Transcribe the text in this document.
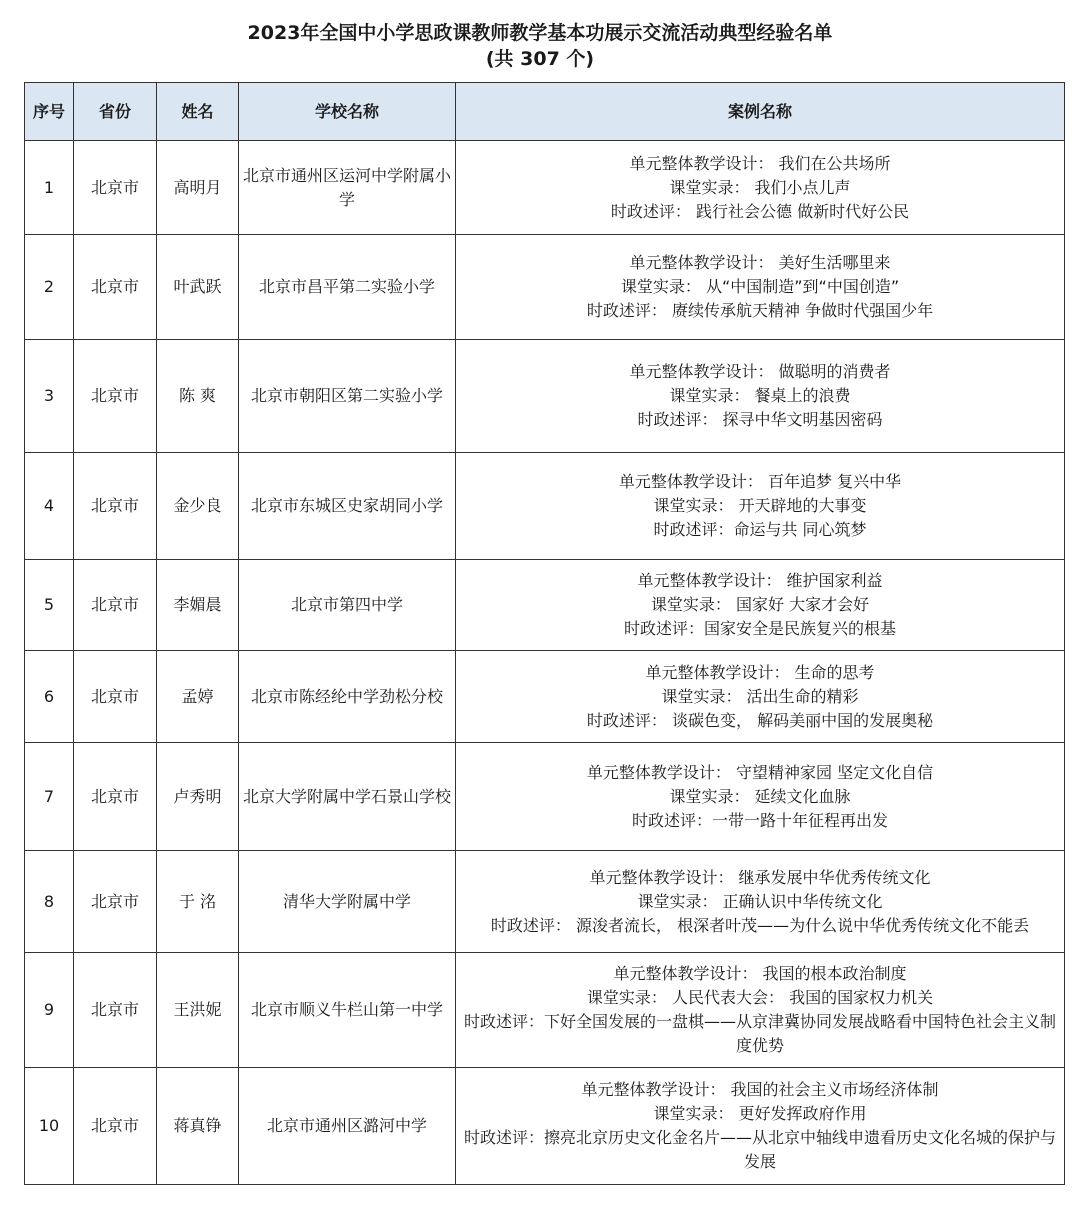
2023年全国中小学思政课教师教学基本功展示交流活动典型经验名单
(共 307 个)
序号	省份	姓名	学校名称	案例名称
1	北京市	高明月	北京市通州区运河中学附属小学	单元整体教学设计： 我们在公共场所
课堂实录： 我们小点儿声
时政述评： 践行社会公德 做新时代好公民

2	北京市	叶武跃	北京市昌平第二实验小学	单元整体教学设计： 美好生活哪里来
课堂实录： 从“中国制造”到“中国创造”
时政述评： 赓续传承航天精神 争做时代强国少年

3	北京市	陈 爽	北京市朝阳区第二实验小学	单元整体教学设计： 做聪明的消费者
课堂实录： 餐桌上的浪费
时政述评： 探寻中华文明基因密码

4	北京市	金少良	北京市东城区史家胡同小学	单元整体教学设计： 百年追梦 复兴中华
课堂实录： 开天辟地的大事变
时政述评：命运与共 同心筑梦

5	北京市	李媚晨	北京市第四中学	单元整体教学设计： 维护国家利益
课堂实录： 国家好 大家才会好
时政述评：国家安全是民族复兴的根基

6	北京市	孟婷	北京市陈经纶中学劲松分校	单元整体教学设计： 生命的思考
课堂实录： 活出生命的精彩
时政述评： 谈碳色变， 解码美丽中国的发展奥秘

7	北京市	卢秀明	北京大学附属中学石景山学校	单元整体教学设计： 守望精神家园 坚定文化自信
课堂实录： 延续文化血脉
时政述评：一带一路十年征程再出发

8	北京市	于 洺	清华大学附属中学	单元整体教学设计： 继承发展中华优秀传统文化
课堂实录： 正确认识中华传统文化
时政述评： 源浚者流长， 根深者叶茂——为什么说中华优秀传统文化不能丢

9	北京市	王洪妮	北京市顺义牛栏山第一中学	单元整体教学设计： 我国的根本政治制度
课堂实录： 人民代表大会： 我国的国家权力机关
时政述评：下好全国发展的一盘棋——从京津冀协同发展战略看中国特色社会主义制度优势

10	北京市	蒋真铮	北京市通州区潞河中学	单元整体教学设计： 我国的社会主义市场经济体制
课堂实录： 更好发挥政府作用
时政述评：擦亮北京历史文化金名片——从北京中轴线申遗看历史文化名城的保护与发展
